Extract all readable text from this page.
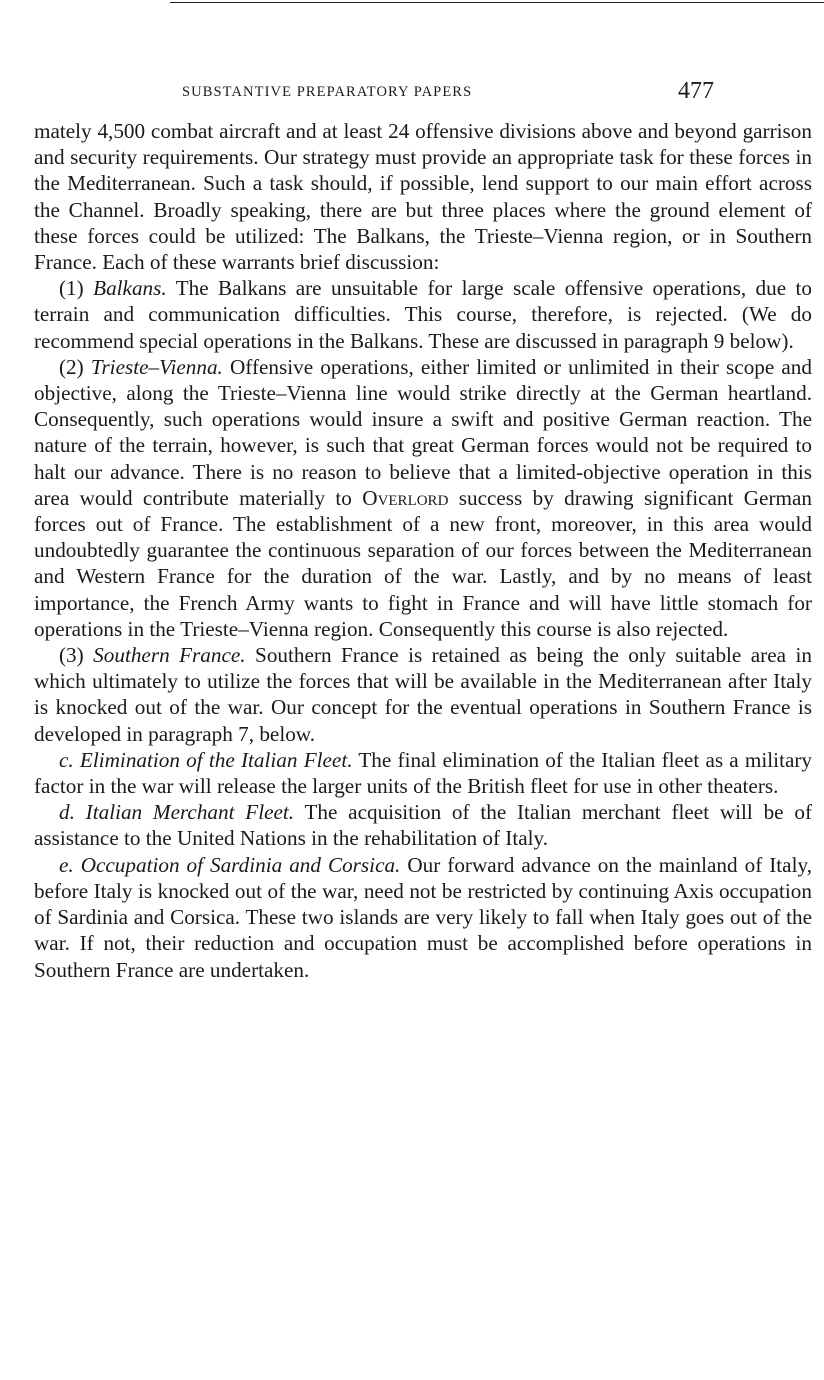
SUBSTANTIVE PREPARATORY PAPERS	477

mately 4,500 combat aircraft and at least 24 offensive divisions above and beyond garrison and security requirements. Our strategy must provide an appropriate task for these forces in the Mediterranean. Such a task should, if possible, lend support to our main effort across the Channel. Broadly speaking, there are but three places where the ground element of these forces could be utilized: The Balkans, the Trieste–Vienna region, or in Southern France. Each of these warrants brief discussion:

(1) Balkans. The Balkans are unsuitable for large scale offensive operations, due to terrain and communication difficulties. This course, therefore, is rejected. (We do recommend special operations in the Balkans. These are discussed in paragraph 9 below).

(2) Trieste–Vienna. Offensive operations, either limited or unlimited in their scope and objective, along the Trieste–Vienna line would strike directly at the German heartland. Consequently, such operations would insure a swift and positive German reaction. The nature of the terrain, however, is such that great German forces would not be required to halt our advance. There is no reason to believe that a limited-objective operation in this area would contribute materially to Overlord success by drawing significant German forces out of France. The establishment of a new front, moreover, in this area would undoubtedly guarantee the continuous separation of our forces between the Mediterranean and Western France for the duration of the war. Lastly, and by no means of least importance, the French Army wants to fight in France and will have little stomach for operations in the Trieste–Vienna region. Consequently this course is also rejected.

(3) Southern France. Southern France is retained as being the only suitable area in which ultimately to utilize the forces that will be available in the Mediterranean after Italy is knocked out of the war. Our concept for the eventual operations in Southern France is developed in paragraph 7, below.

c. Elimination of the Italian Fleet. The final elimination of the Italian fleet as a military factor in the war will release the larger units of the British fleet for use in other theaters.

d. Italian Merchant Fleet. The acquisition of the Italian merchant fleet will be of assistance to the United Nations in the rehabilitation of Italy.

e. Occupation of Sardinia and Corsica. Our forward advance on the mainland of Italy, before Italy is knocked out of the war, need not be restricted by continuing Axis occupation of Sardinia and Corsica. These two islands are very likely to fall when Italy goes out of the war. If not, their reduction and occupation must be accomplished before operations in Southern France are undertaken.
